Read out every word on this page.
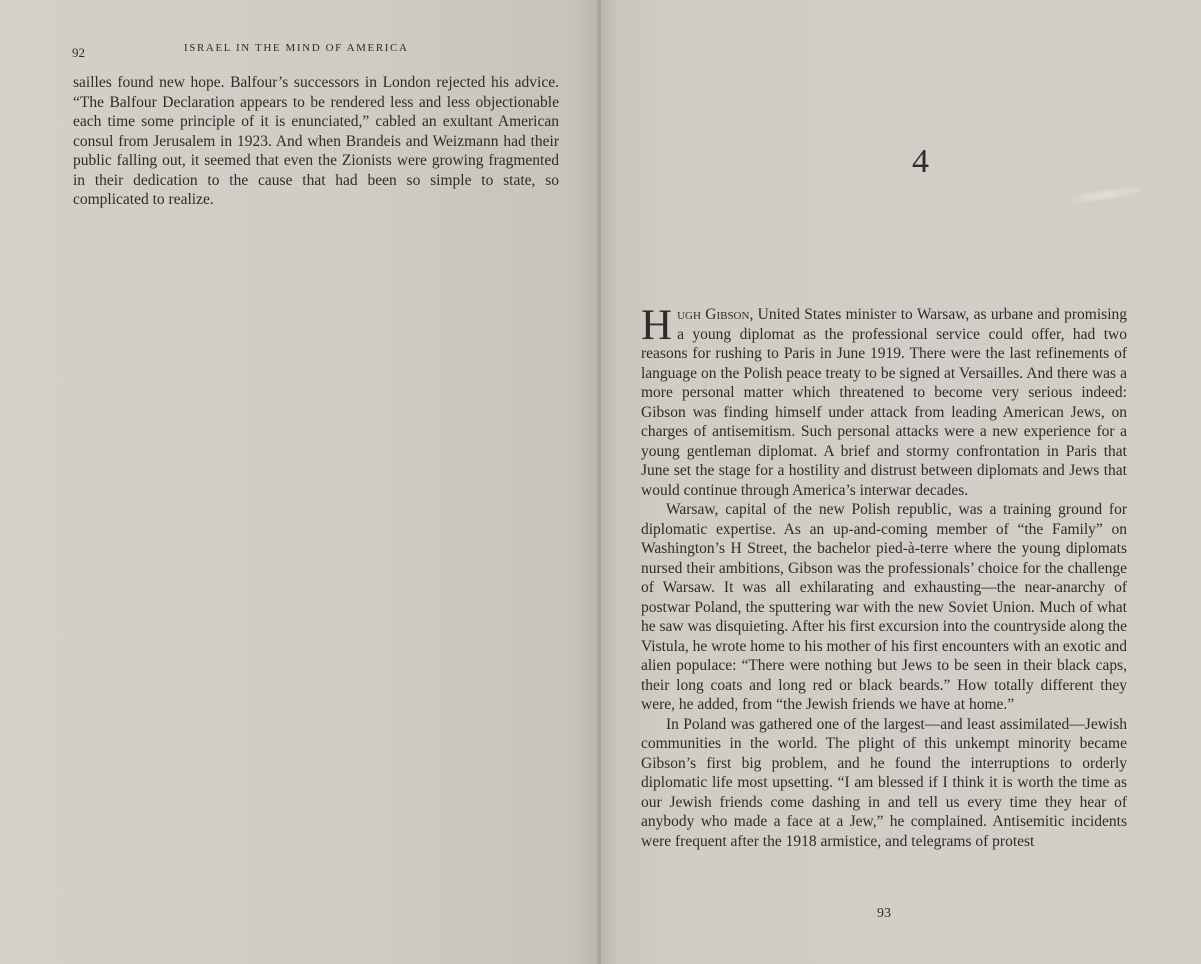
92	ISRAEL IN THE MIND OF AMERICA

sailles found new hope. Balfour’s successors in London rejected his advice. “The Balfour Declaration appears to be rendered less and less objectionable each time some principle of it is enunciated,” cabled an exultant American consul from Jerusalem in 1923. And when Brandeis and Weizmann had their public falling out, it seemed that even the Zionists were growing fragmented in their dedication to the cause that had been so simple to state, so complicated to realize.

4

Hugh Gibson, United States minister to Warsaw, as urbane and promising a young diplomat as the professional service could offer, had two reasons for rushing to Paris in June 1919. There were the last refinements of language on the Polish peace treaty to be signed at Versailles. And there was a more personal matter which threatened to become very serious indeed: Gibson was finding himself under attack from leading American Jews, on charges of antisemitism. Such personal attacks were a new experience for a young gentleman diplomat. A brief and stormy confrontation in Paris that June set the stage for a hostility and distrust between diplomats and Jews that would continue through America’s interwar decades.

Warsaw, capital of the new Polish republic, was a training ground for diplomatic expertise. As an up-and-coming member of “the Family” on Washington’s H Street, the bachelor pied-à-terre where the young diplomats nursed their ambitions, Gibson was the professionals’ choice for the challenge of Warsaw. It was all exhilarating and exhausting—the near-anarchy of postwar Poland, the sputtering war with the new Soviet Union. Much of what he saw was disquieting. After his first excursion into the countryside along the Vistula, he wrote home to his mother of his first encounters with an exotic and alien populace: “There were nothing but Jews to be seen in their black caps, their long coats and long red or black beards.” How totally different they were, he added, from “the Jewish friends we have at home.”

In Poland was gathered one of the largest—and least assimilated—Jewish communities in the world. The plight of this unkempt minority became Gibson’s first big problem, and he found the interruptions to orderly diplomatic life most upsetting. “I am blessed if I think it is worth the time as our Jewish friends come dashing in and tell us every time they hear of anybody who made a face at a Jew,” he complained. Antisemitic incidents were frequent after the 1918 armistice, and telegrams of protest

93
